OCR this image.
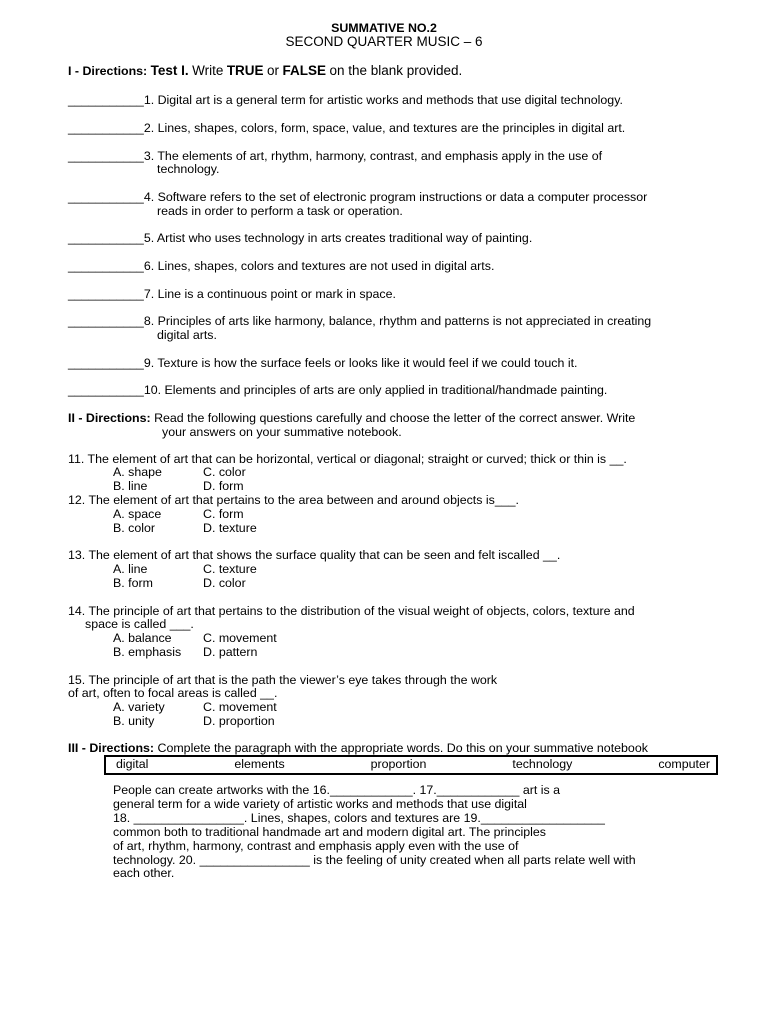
SUMMATIVE NO.2
SECOND QUARTER MUSIC – 6
I - Directions: Test I. Write TRUE or FALSE on the blank provided.
___________1. Digital art is a general term for artistic works and methods that use digital technology.
___________2. Lines, shapes, colors, form, space, value, and textures are the principles in digital art.
___________3. The elements of art, rhythm, harmony, contrast, and emphasis apply in the use of
technology.
___________4. Software refers to the set of electronic program instructions or data a computer processor
reads in order to perform a task or operation.
___________5. Artist who uses technology in arts creates traditional way of painting.
___________6. Lines, shapes, colors and textures are not used in digital arts.
___________7. Line is a continuous point or mark in space.
___________8. Principles of arts like harmony, balance, rhythm and patterns is not appreciated in creating
digital arts.
___________9. Texture is how the surface feels or looks like it would feel if we could touch it.
___________10. Elements and principles of arts are only applied in traditional/handmade painting.
II - Directions: Read the following questions carefully and choose the letter of the correct answer. Write
your answers on your summative notebook.
11. The element of art that can be horizontal, vertical or diagonal; straight or curved; thick or thin is __.
A. shape	C. color
B. line	D. form
12. The element of art that pertains to the area between and around objects is___.
A. space	C. form
B. color	D. texture
13. The element of art that shows the surface quality that can be seen and felt iscalled __.
A. line	C. texture
B. form	D. color
14. The principle of art that pertains to the distribution of the visual weight of objects, colors, texture and
space is called ___.
A. balance	C. movement
B. emphasis D. pattern
15. The principle of art that is the path the viewer’s eye takes through the work
of art, often to focal areas is called __.
A. variety	C. movement
B. unity	D. proportion
III - Directions: Complete the paragraph with the appropriate words. Do this on your summative notebook
digital	elements	proportion	technology	computer
People can create artworks with the 16.____________. 17.____________ art is a
general term for a wide variety of artistic works and methods that use digital
18. ________________. Lines, shapes, colors and textures are 19.__________________
common both to traditional handmade art and modern digital art. The principles
of art, rhythm, harmony, contrast and emphasis apply even with the use of
technology. 20. ________________ is the feeling of unity created when all parts relate well with
each other.
